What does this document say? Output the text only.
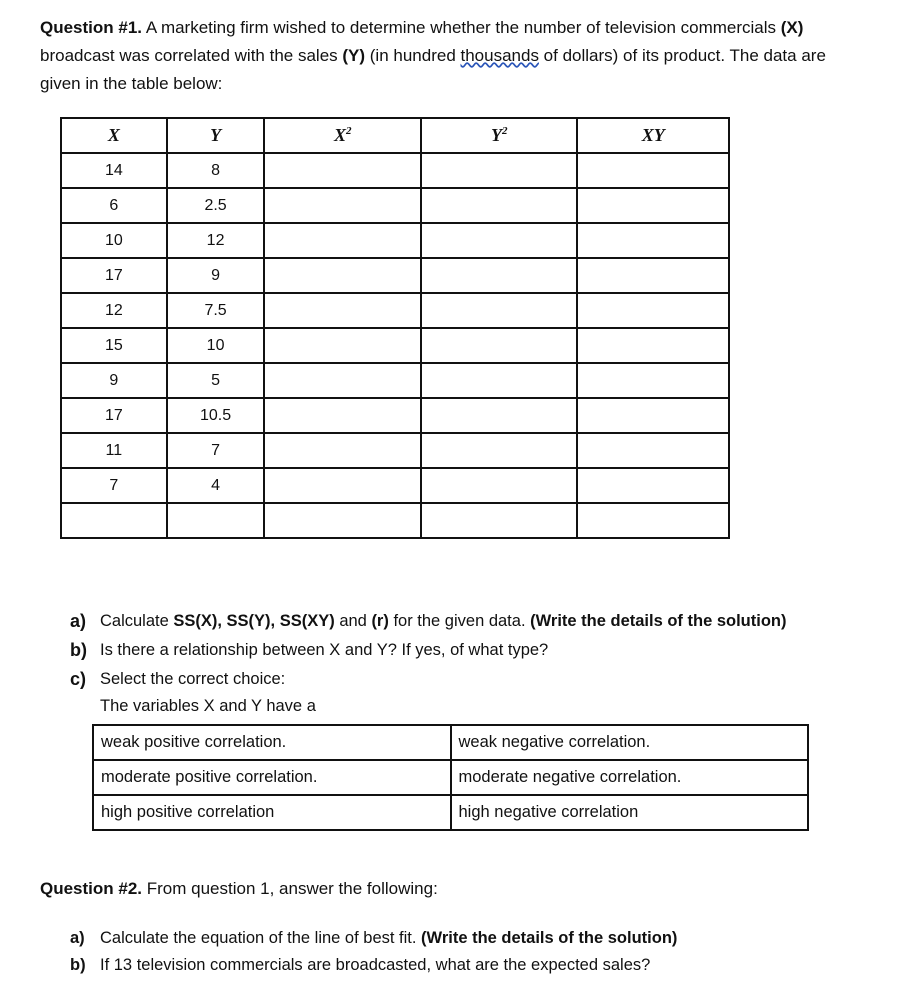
Question #1. A marketing firm wished to determine whether the number of television commercials (X) broadcast was correlated with the sales (Y) (in hundred thousands of dollars) of its product. The data are given in the table below:
X	Y	$X^2$	$Y^2$	XY
14	8			
6	2.5			
10	12			
17	9			
12	7.5			
15	10			
9	5			
17	10.5			
11	7			
7	4			

a) Calculate SS(X), SS(Y), SS(XY) and (r) for the given data. (Write the details of the solution)
b) Is there a relationship between X and Y? If yes, of what type?
c) Select the correct choice:
The variables X and Y have a
weak positive correlation.	weak negative correlation.
moderate positive correlation.	moderate negative correlation.
high positive correlation	high negative correlation
Question #2. From question 1, answer the following:
a) Calculate the equation of the line of best fit. (Write the details of the solution)
b) If 13 television commercials are broadcasted, what are the expected sales?
